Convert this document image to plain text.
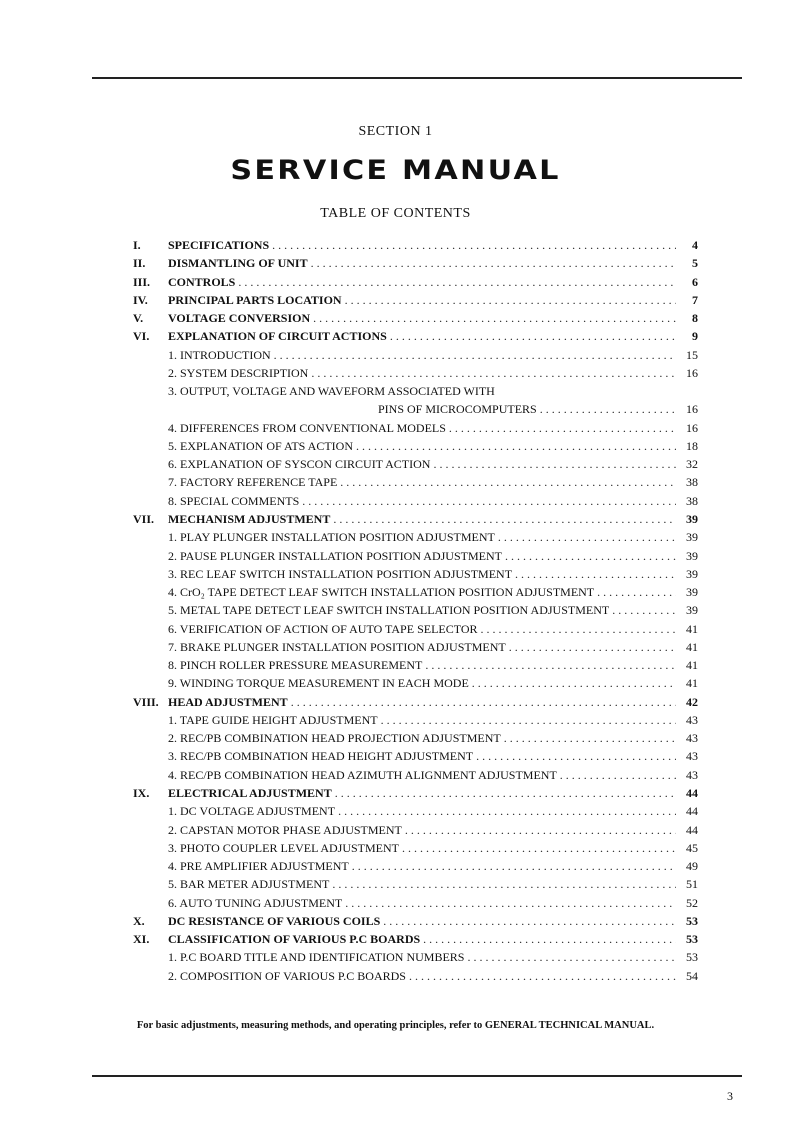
SECTION 1
SERVICE MANUAL
TABLE OF CONTENTS
I.	SPECIFICATIONS . . .	4
II.	DISMANTLING OF UNIT . . .	5
III.	CONTROLS . . .	6
IV.	PRINCIPAL PARTS LOCATION . . .	7
V.	VOLTAGE CONVERSION . . .	8
VI.	EXPLANATION OF CIRCUIT ACTIONS . . .	9
1. INTRODUCTION . . .	15
2. SYSTEM DESCRIPTION . . .	16
3. OUTPUT, VOLTAGE AND WAVEFORM ASSOCIATED WITH
PINS OF MICROCOMPUTERS . . .	16
4. DIFFERENCES FROM CONVENTIONAL MODELS . . .	16
5. EXPLANATION OF ATS ACTION . . .	18
6. EXPLANATION OF SYSCON CIRCUIT ACTION . . .	32
7. FACTORY REFERENCE TAPE . . .	38
8. SPECIAL COMMENTS . . .	38
VII.	MECHANISM ADJUSTMENT . . .	39
1. PLAY PLUNGER INSTALLATION POSITION ADJUSTMENT . . .	39
2. PAUSE PLUNGER INSTALLATION POSITION ADJUSTMENT . . .	39
3. REC LEAF SWITCH INSTALLATION POSITION ADJUSTMENT . . .	39
4. CrO₂ TAPE DETECT LEAF SWITCH INSTALLATION POSITION ADJUSTMENT . . .	39
5. METAL TAPE DETECT LEAF SWITCH INSTALLATION POSITION ADJUSTMENT . . .	39
6. VERIFICATION OF ACTION OF AUTO TAPE SELECTOR . . .	41
7. BRAKE PLUNGER INSTALLATION POSITION ADJUSTMENT . . .	41
8. PINCH ROLLER PRESSURE MEASUREMENT . . .	41
9. WINDING TORQUE MEASUREMENT IN EACH MODE . . .	41
VIII. HEAD ADJUSTMENT . . .	42
1. TAPE GUIDE HEIGHT ADJUSTMENT . . .	43
2. REC/PB COMBINATION HEAD PROJECTION ADJUSTMENT . . .	43
3. REC/PB COMBINATION HEAD HEIGHT ADJUSTMENT . . .	43
4. REC/PB COMBINATION HEAD AZIMUTH ALIGNMENT ADJUSTMENT . . .	43
IX.	ELECTRICAL ADJUSTMENT . . .	44
1. DC VOLTAGE ADJUSTMENT . . .	44
2. CAPSTAN MOTOR PHASE ADJUSTMENT . . .	44
3. PHOTO COUPLER LEVEL ADJUSTMENT . . .	45
4. PRE AMPLIFIER ADJUSTMENT . . .	49
5. BAR METER ADJUSTMENT . . .	51
6. AUTO TUNING ADJUSTMENT . . .	52
X.	DC RESISTANCE OF VARIOUS COILS . . .	53
XI.	CLASSIFICATION OF VARIOUS P.C BOARDS . . .	53
1. P.C BOARD TITLE AND IDENTIFICATION NUMBERS . . .	53
2. COMPOSITION OF VARIOUS P.C BOARDS . . .	54
For basic adjustments, measuring methods, and operating principles, refer to GENERAL TECHNICAL MANUAL.
3
